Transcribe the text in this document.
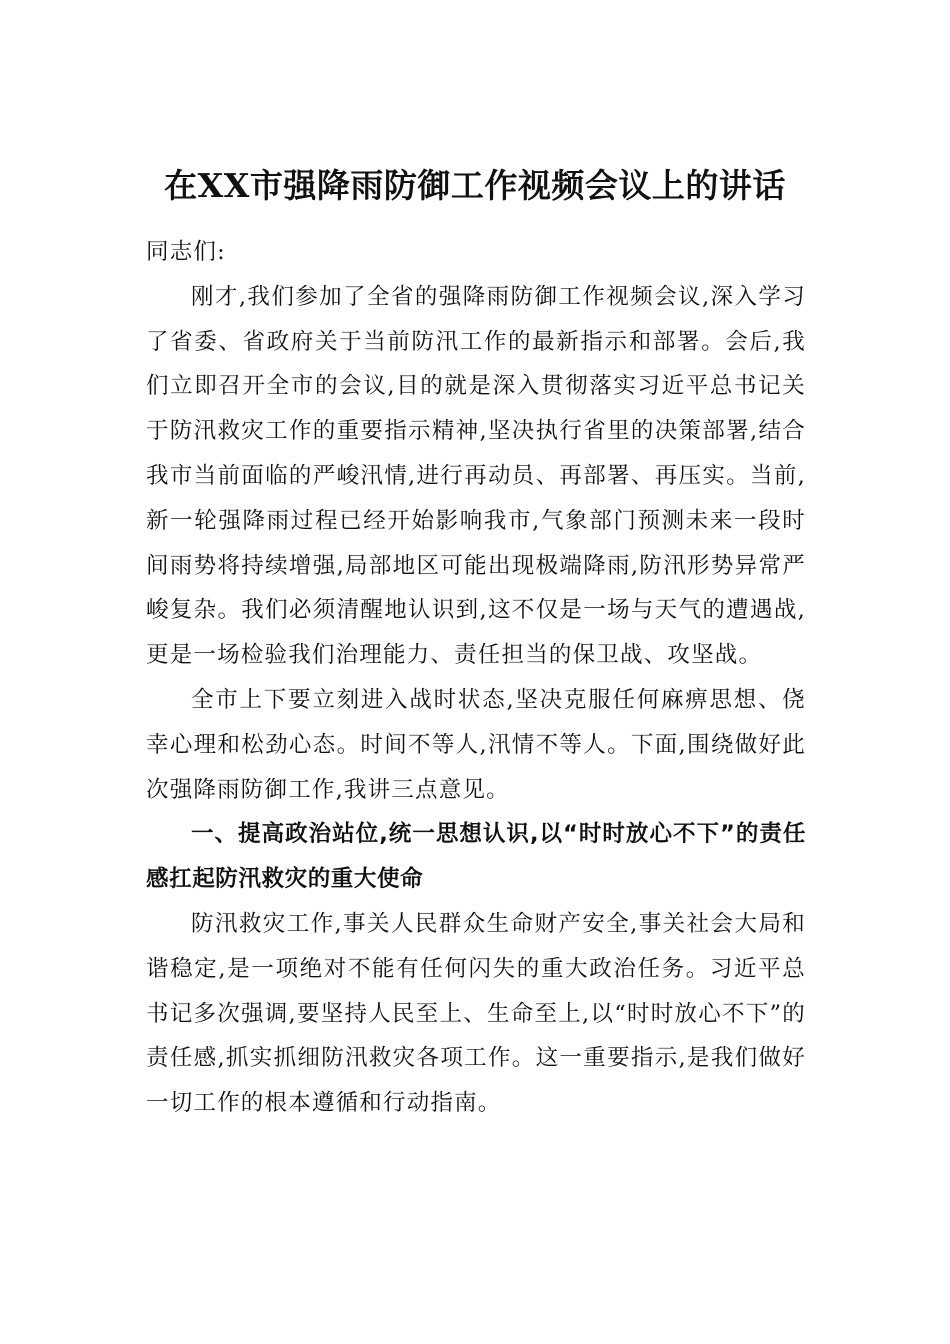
在XX市强降雨防御工作视频会议上的讲话

同志们:

刚才,我们参加了全省的强降雨防御工作视频会议,深入学习了省委、省政府关于当前防汛工作的最新指示和部署。会后,我们立即召开全市的会议,目的就是深入贯彻落实习近平总书记关于防汛救灾工作的重要指示精神,坚决执行省里的决策部署,结合我市当前面临的严峻汛情,进行再动员、再部署、再压实。当前,新一轮强降雨过程已经开始影响我市,气象部门预测未来一段时间雨势将持续增强,局部地区可能出现极端降雨,防汛形势异常严峻复杂。我们必须清醒地认识到,这不仅是一场与天气的遭遇战,更是一场检验我们治理能力、责任担当的保卫战、攻坚战。

全市上下要立刻进入战时状态,坚决克服任何麻痹思想、侥幸心理和松劲心态。时间不等人,汛情不等人。下面,围绕做好此次强降雨防御工作,我讲三点意见。

一、提高政治站位,统一思想认识,以“时时放心不下”的责任感扛起防汛救灾的重大使命

防汛救灾工作,事关人民群众生命财产安全,事关社会大局和谐稳定,是一项绝对不能有任何闪失的重大政治任务。习近平总书记多次强调,要坚持人民至上、生命至上,以“时时放心不下”的责任感,抓实抓细防汛救灾各项工作。这一重要指示,是我们做好一切工作的根本遵循和行动指南。
